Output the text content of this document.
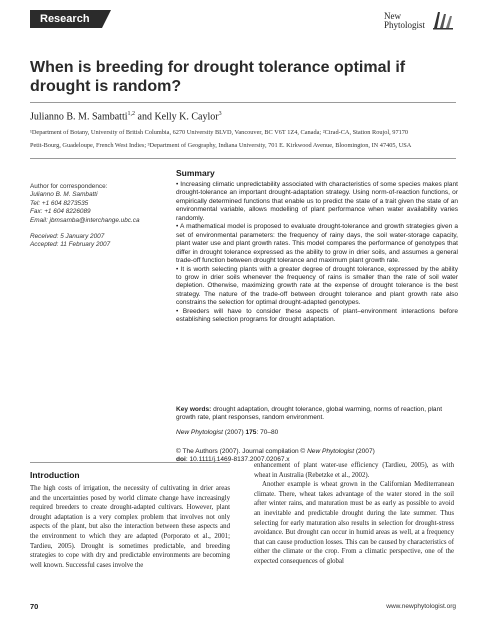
Research	New
Phytologist
When is breeding for drought tolerance optimal if drought is random?
Julianno B. M. Sambatti$^{1,2}$ and Kelly K. Caylor$^3$
¹Department of Botany, University of British Columbia, 6270 University BLVD, Vancouver, BC V6T 1Z4, Canada; ²Cirad-CA, Station Roujol, 97170
Petit-Bourg, Guadeloupe, French West Indies; ³Department of Geography, Indiana University, 701 E. Kirkwood Avenue, Bloomington, IN 47405, USA
Author for correspondence:
Julianno B. M. Sambatti
Tel: +1 604 8273535
Fax: +1 604 8226089
Email: jbmsamba@interchange.ubc.ca
Received: 5 January 2007
Accepted: 11 February 2007
Summary

• Increasing climatic unpredictability associated with characteristics of some species makes plant drought-tolerance an important drought-adaptation strategy. Using norm-of-reaction functions, or empirically determined functions that enable us to predict the state of a trait given the state of an environmental variable, allows modelling of plant performance when water availability varies randomly.

• A mathematical model is proposed to evaluate drought-tolerance and growth strategies given a set of environmental parameters: the frequency of rainy days, the soil water-storage capacity, plant water use and plant growth rates. This model compares the performance of genotypes that differ in drought tolerance expressed as the ability to grow in drier soils, and assumes a general trade-off function between drought tolerance and maximum plant growth rate.

• It is worth selecting plants with a greater degree of drought tolerance, expressed by the ability to grow in drier soils whenever the frequency of rains is smaller than the rate of soil water depletion. Otherwise, maximizing growth rate at the expense of drought tolerance is the best strategy. The nature of the trade-off between drought tolerance and plant growth rate also constrains the selection for optimal drought-adapted genotypes.

• Breeders will have to consider these aspects of plant–environment interactions before establishing selection programs for drought adaptation.

Key words: drought adaptation, drought tolerance, global warming, norms of reaction, plant growth rate, plant responses, random environment.
New Phytologist (2007) 175: 70–80
© The Authors (2007). Journal compilation © New Phytologist (2007)
doi: 10.1111/j.1469-8137.2007.02067.x
Introduction

The high costs of irrigation, the necessity of cultivating in drier areas and the uncertainties posed by world climate change have increasingly required breeders to create drought-adapted cultivars. However, plant drought adaptation is a very complex problem that involves not only aspects of the plant, but also the interaction between these aspects and the environment to which they are adapted (Porporato et al., 2001; Tardieu, 2005). Drought is sometimes predictable, and breeding strategies to cope with dry and predictable environments are becoming well known. Successful cases involve the

enhancement of plant water-use efficiency (Tardieu, 2005), as with wheat in Australia (Rebetzke et al., 2002).

Another example is wheat grown in the Californian Mediterranean climate. There, wheat takes advantage of the water stored in the soil after winter rains, and maturation must be as early as possible to avoid an inevitable and predictable drought during the late summer. Thus selecting for early maturation also results in selection for drought-stress avoidance. But drought can occur in humid areas as well, at a frequency that can cause production losses. This can be caused by characteristics of either the climate or the crop. From a climatic perspective, one of the expected consequences of global

70	www.newphytologist.org
